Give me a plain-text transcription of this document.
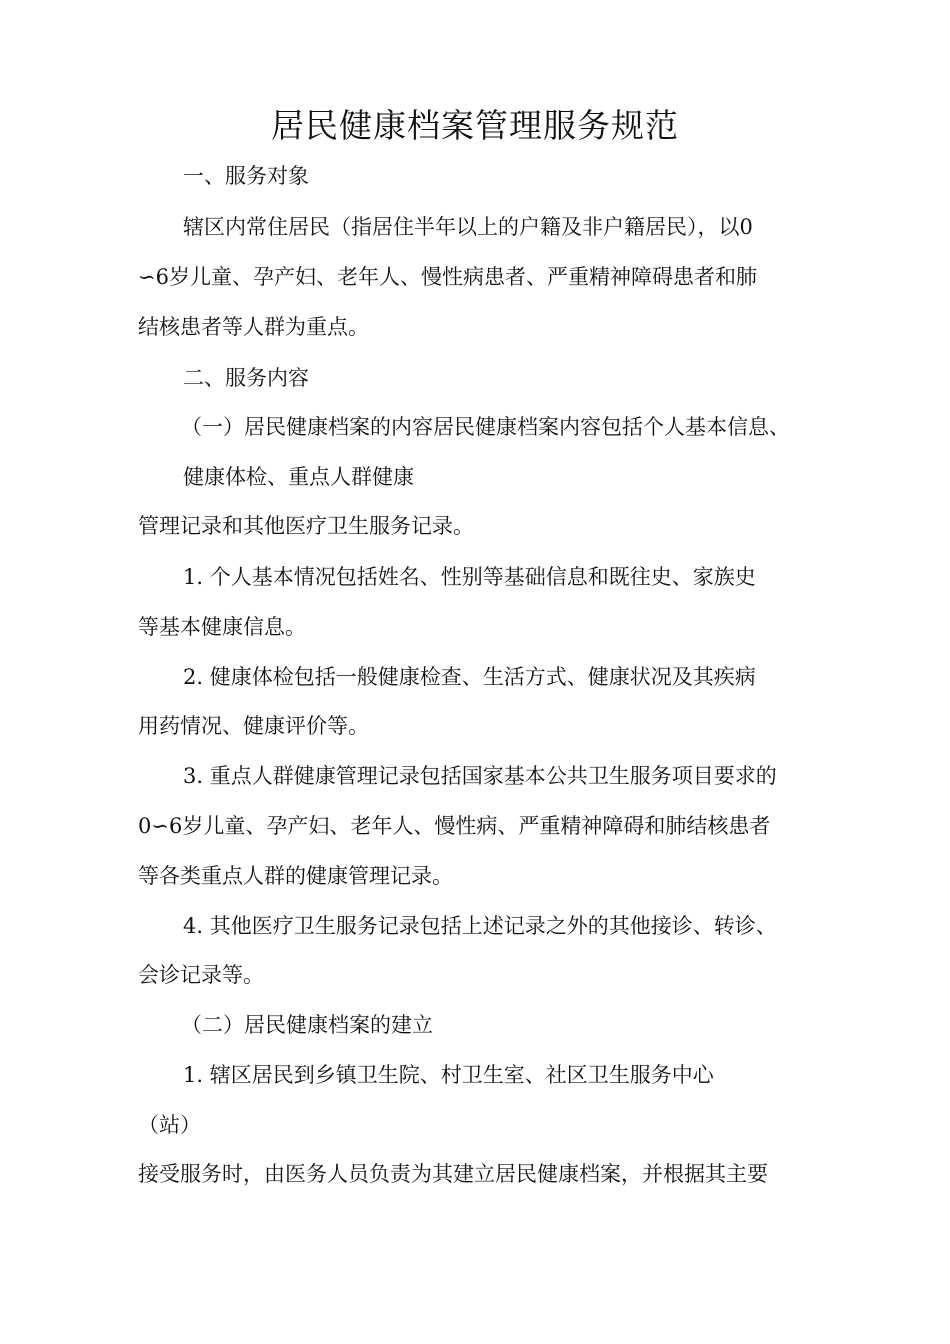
居民健康档案管理服务规范
一、服务对象
辖区内常住居民（指居住半年以上的户籍及非户籍居民），以0
∽6岁儿童、孕产妇、老年人、慢性病患者、严重精神障碍患者和肺
结核患者等人群为重点。
二、服务内容
（一）居民健康档案的内容居民健康档案内容包括个人基本信息、
健康体检、重点人群健康
管理记录和其他医疗卫生服务记录。
1. 个人基本情况包括姓名、性别等基础信息和既往史、家族史
等基本健康信息。
2. 健康体检包括一般健康检查、生活方式、健康状况及其疾病
用药情况、健康评价等。
3. 重点人群健康管理记录包括国家基本公共卫生服务项目要求的
0∽6岁儿童、孕产妇、老年人、慢性病、严重精神障碍和肺结核患者
等各类重点人群的健康管理记录。
4. 其他医疗卫生服务记录包括上述记录之外的其他接诊、转诊、
会诊记录等。
（二）居民健康档案的建立
1. 辖区居民到乡镇卫生院、村卫生室、社区卫生服务中心
（站）
接受服务时，由医务人员负责为其建立居民健康档案，并根据其主要
